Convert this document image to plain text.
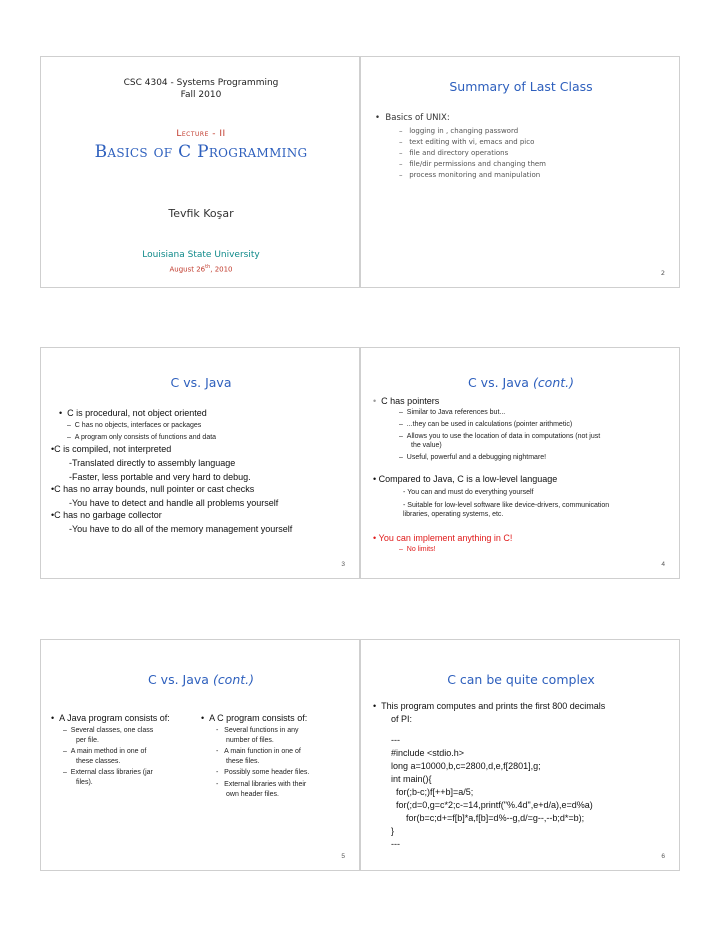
CSC 4304 - Systems Programming
Fall 2010
Lecture - II
Basics of C Programming
Tevfik Koşar
Louisiana State University
August 26th, 2010
Summary of Last Class
•  Basics of UNIX:
–   logging in , changing password
–   text editing with vi, emacs and pico
–   file and directory operations
–   file/dir permissions and changing them
–   process monitoring and manipulation
2
C vs. Java
•  C is procedural, not object oriented
–  C has no objects, interfaces or packages
–  A program only consists of functions and data
•C is compiled, not interpreted
-Translated directly to assembly language
-Faster, less portable and very hard to debug.
•C has no array bounds, null pointer or cast checks
-You have to detect and handle all problems yourself
•C has no garbage collector
-You have to do all of the memory management yourself
3
C vs. Java (cont.)
• C has pointers
–  Similar to Java references but...
–  ...they can be used in calculations (pointer arithmetic)
–  Allows you to use the location of data in computations (not just
the value)
–  Useful, powerful and a debugging nightmare!
• Compared to Java, C is a low-level language
- You can and must do everything yourself
- Suitable for low-level software like device-drivers, communication
libraries, operating systems, etc.
• You can implement anything in C!
–  No limits!
4
C vs. Java (cont.)
•  A Java program consists of:
–  Several classes, one class
per file.
–  A main method in one of
these classes.
–  External class libraries (jar
files).
•  A C program consists of:
-   Several functions in any
number of files.
-   A main function in one of
these files.
-   Possibly some header files.
-   External libraries with their
own header files.
5
C can be quite complex
•  This program computes and prints the first 800 decimals
of PI:
---
#include <stdio.h>
long a=10000,b,c=2800,d,e,f[2801],g;
int main(){
for(;b-c;)f[++b]=a/5;
for(;d=0,g=c*2;c-=14,printf("%.4d",e+d/a),e=d%a)
for(b=c;d+=f[b]*a,f[b]=d%--g,d/=g--,--b;d*=b);
}
---
6
